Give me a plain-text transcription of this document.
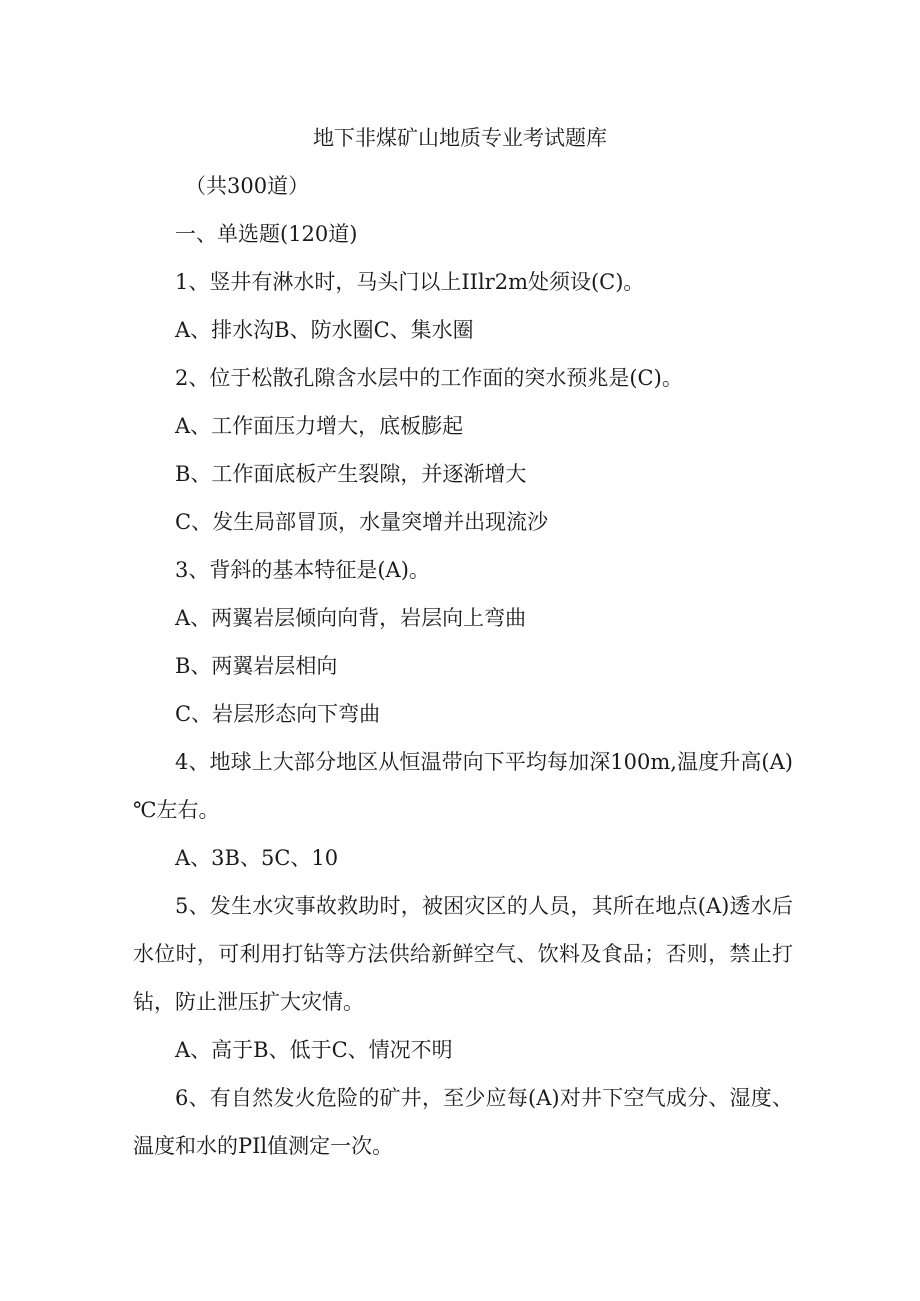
地下非煤矿山地质专业考试题库
（共300道）
一、单选题(120道)
1、竖井有淋水时，马头门以上IIlr2m处须设(C)。
A、排水沟B、防水圈C、集水圈
2、位于松散孔隙含水层中的工作面的突水预兆是(C)。
A、工作面压力增大，底板膨起
B、工作面底板产生裂隙，并逐渐增大
C、发生局部冒顶，水量突增并出现流沙
3、背斜的基本特征是(A)。
A、两翼岩层倾向向背，岩层向上弯曲
B、两翼岩层相向
C、岩层形态向下弯曲
4、地球上大部分地区从恒温带向下平均每加深100m,温度升高(A)℃左右。
A、3B、5C、10
5、发生水灾事故救助时，被困灾区的人员，其所在地点(A)透水后水位时，可利用打钻等方法供给新鲜空气、饮料及食品；否则，禁止打钻，防止泄压扩大灾情。
A、高于B、低于C、情况不明
6、有自然发火危险的矿井，至少应每(A)对井下空气成分、湿度、温度和水的PIl值测定一次。
